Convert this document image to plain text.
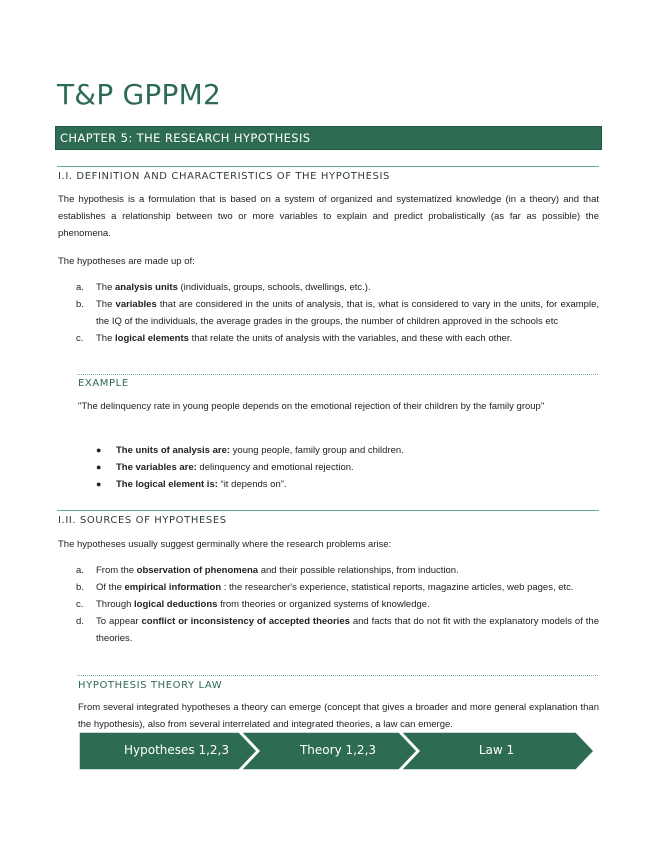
T&P GPPM2
CHAPTER 5: THE RESEARCH HYPOTHESIS
I.I. DEFINITION AND CHARACTERISTICS OF THE HYPOTHESIS

The hypothesis is a formulation that is based on a system of organized and systematized knowledge (in a theory) and that establishes a relationship between two or more variables to explain and predict probalistically (as far as possible) the phenomena.

The hypotheses are made up of:

a. The analysis units (individuals, groups, schools, dwellings, etc.).
b. The variables that are considered in the units of analysis, that is, what is considered to vary in the units, for example, the IQ of the individuals, the average grades in the groups, the number of children approved in the schools etc
c. The logical elements that relate the units of analysis with the variables, and these with each other.
EXAMPLE

"The delinquency rate in young people depends on the emotional rejection of their children by the family group"

● The units of analysis are: young people, family group and children.
● The variables are: delinquency and emotional rejection.
● The logical element is: “it depends on”.
I.II. SOURCES OF HYPOTHESES

The hypotheses usually suggest germinally where the research problems arise:

a. From the observation of phenomena and their possible relationships, from induction.
b. Of the empirical information : the researcher's experience, statistical reports, magazine articles, web pages, etc.
c. Through logical deductions from theories or organized systems of knowledge.
d. To appear conflict or inconsistency of accepted theories and facts that do not fit with the explanatory models of the theories.
HYPOTHESIS THEORY LAW

From several integrated hypotheses a theory can emerge (concept that gives a broader and more general explanation than the hypothesis), also from several interrelated and integrated theories, a law can emerge.

Hypotheses 1,2,3	Theory 1,2,3	Law 1
